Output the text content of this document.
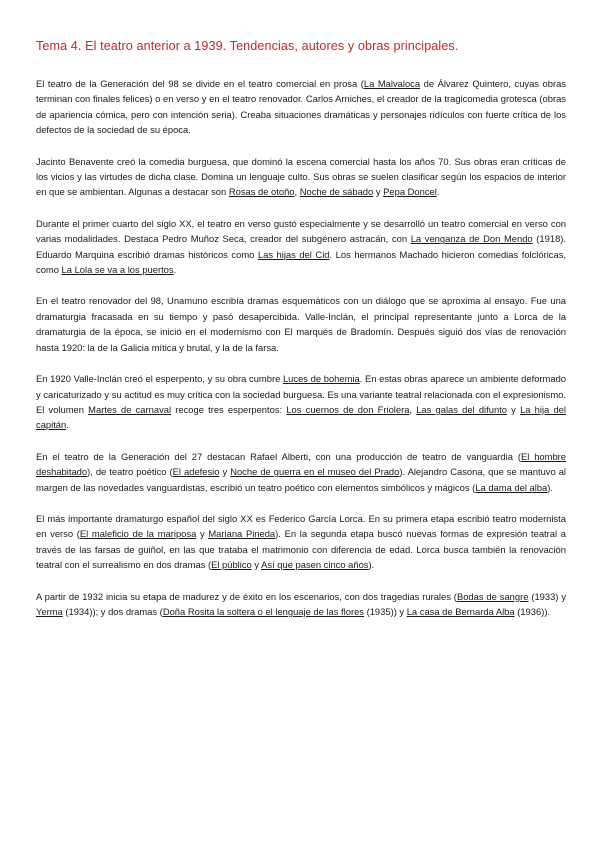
Tema 4. El teatro anterior a 1939. Tendencias, autores y obras principales.

El teatro de la Generación del 98 se divide en el teatro comercial en prosa (La Malvaloca de Álvarez Quintero, cuyas obras terminan con finales felices) o en verso y en el teatro renovador. Carlos Arniches, el creador de la tragicomedia grotesca (obras de apariencia cómica, pero con intención seria). Creaba situaciones dramáticas y personajes ridículos con fuerte crítica de los defectos de la sociedad de su época.

Jacinto Benavente creó la comedia burguesa, que dominó la escena comercial hasta los años 70. Sus obras eran críticas de los vicios y las virtudes de dicha clase. Domina un lenguaje culto. Sus obras se suelen clasificar según los espacios de interior en que se ambientan. Algunas a destacar son Rosas de otoño, Noche de sábado y Pepa Doncel.

Durante el primer cuarto del siglo XX, el teatro en verso gustó especialmente y se desarrolló un teatro comercial en verso con varias modalidades. Destaca Pedro Muñoz Seca, creador del subgénero astracán, con La venganza de Don Mendo (1918). Eduardo Marquina escribió dramas históricos como Las hijas del Cid. Los hermanos Machado hicieron comedias folclóricas, como La Lola se va a los puertos.

En el teatro renovador del 98, Unamuno escribía dramas esquemáticos con un diálogo que se aproxima al ensayo. Fue una dramaturgia fracasada en su tiempo y pasó desapercibida. Valle-Inclán, el principal representante junto a Lorca de la dramaturgia de la época, se inició en el modernismo con El marqués de Bradomín. Después siguió dos vías de renovación hasta 1920: la de la Galicia mítica y brutal, y la de la farsa.

En 1920 Valle-Inclán creó el esperpento, y su obra cumbre Luces de bohemia. En estas obras aparece un ambiente deformado y caricaturizado y su actitud es muy crítica con la sociedad burguesa. Es una variante teatral relacionada con el expresionismo. El volumen Martes de carnaval recoge tres esperpentos: Los cuernos de don Friolera, Las galas del difunto y La hija del capitán.

En el teatro de la Generación del 27 destacan Rafael Alberti, con una producción de teatro de vanguardia (El hombre deshabitado), de teatro poético (El adefesio y Noche de guerra en el museo del Prado). Alejandro Casona, que se mantuvo al margen de las novedades vanguardistas, escribió un teatro poético con elementos simbólicos y mágicos (La dama del alba).

El más importante dramaturgo español del siglo XX es Federico García Lorca. En su primera etapa escribió teatro modernista en verso (El maleficio de la mariposa y Mariana Pineda). En la segunda etapa buscó nuevas formas de expresión teatral a través de las farsas de guiñol, en las que trataba el matrimonio con diferencia de edad. Lorca busca también la renovación teatral con el surrealismo en dos dramas (El público y Así que pasen cinco años).

A partir de 1932 inicia su etapa de madurez y de éxito en los escenarios, con dos tragedias rurales (Bodas de sangre (1933) y Yerma (1934)); y dos dramas (Doña Rosita la soltera o el lenguaje de las flores (1935)) y La casa de Bernarda Alba (1936)).
